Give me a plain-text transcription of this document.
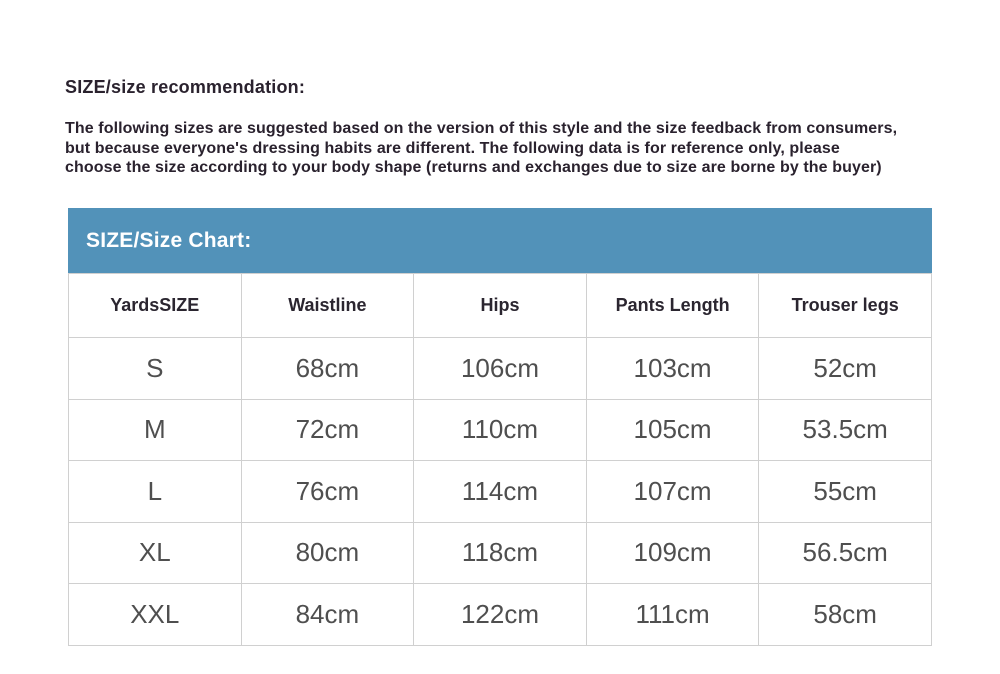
SIZE/size recommendation:
The following sizes are suggested based on the version of this style and the size feedback from consumers,
but because everyone's dressing habits are different. The following data is for reference only, please
choose the size according to your body shape (returns and exchanges due to size are borne by the buyer)
SIZE/Size Chart:
YardsSIZE	Waistline	Hips	Pants Length	Trouser legs
S	68cm	106cm	103cm	52cm
M	72cm	110cm	105cm	53.5cm
L	76cm	114cm	107cm	55cm
XL	80cm	118cm	109cm	56.5cm
XXL	84cm	122cm	111cm	58cm
